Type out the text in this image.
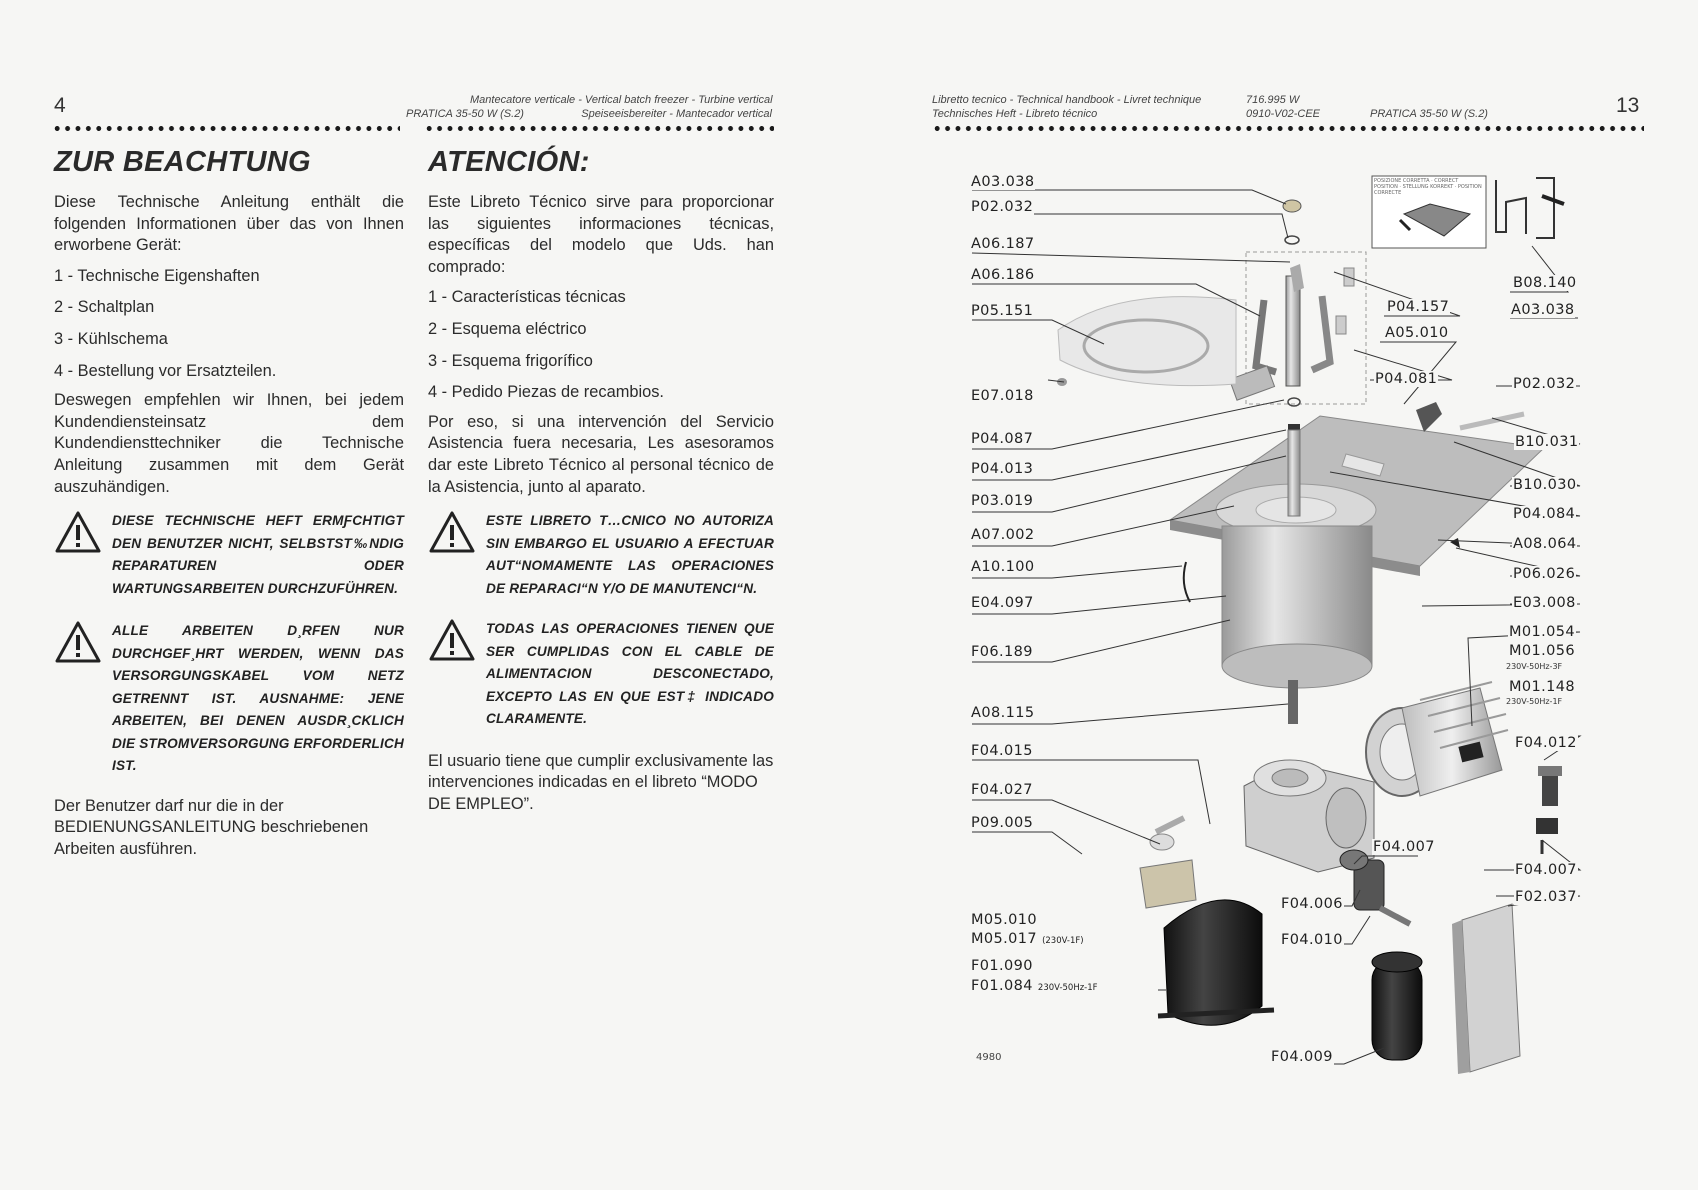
4	Mantecatore verticale - Vertical batch freezer - Turbine vertical
PRATICA 35-50 W (S.2)	Speiseeisbereiter - Mantecador vertical
ZUR BEACHTUNG

Diese Technische Anleitung enthält die folgenden Informationen über das von Ihnen erworbene Gerät:

1 - Technische Eigenshaften

2 - Schaltplan

3 - Kühlschema

4 - Bestellung vor Ersatzteilen.

Deswegen empfehlen wir Ihnen, bei jedem Kundendiensteinsatz dem Kundendiensttechniker die Technische Anleitung zusammen mit dem Gerät auszuhändigen.

DIESE TECHNISCHE HEFT ERMƑCHTIGT DEN BENUTZER NICHT, SELBSTST‰NDIG REPARATUREN ODER WARTUNGSARBEITEN DURCHZUFÜHREN.
ALLE ARBEITEN D¸RFEN NUR DURCHGEF¸HRT WERDEN, WENN DAS VERSORGUNGSKABEL VOM NETZ GETRENNT IST. AUSNAHME: JENE ARBEITEN, BEI DENEN AUSDR¸CKLICH DIE STROMVERSORGUNG ERFORDERLICH IST.

Der Benutzer darf nur die in der BEDIENUNGSANLEITUNG beschriebenen Arbeiten ausführen.

ATENCIÓN:

Este Libreto Técnico sirve para proporcionar las siguientes informaciones técnicas, específicas del modelo que Uds. han comprado:

1 - Características técnicas

2 - Esquema eléctrico

3 - Esquema frigorífico

4 - Pedido Piezas de recambios.

Por eso, si una intervención del Servicio Asistencia fuera necesaria, Les asesoramos dar este Libreto Técnico al personal técnico de la Asistencia, junto al aparato.

ESTE LIBRETO T…CNICO NO AUTORIZA SIN EMBARGO EL USUARIO A EFECTUAR AUT“NOMAMENTE LAS OPERACIONES DE REPARACI“N Y/O DE MANUTENCI“N.
TODAS LAS OPERACIONES TIENEN QUE SER CUMPLIDAS CON EL CABLE DE ALIMENTACION DESCONECTADO, EXCEPTO LAS EN QUE EST‡ INDICADO CLARAMENTE.

El usuario tiene que cumplir exclusivamente las intervenciones indicadas en el libreto “MODO DE EMPLEO”.

Libretto tecnico - Technical handbook - Livret technique
Technisches Heft - Libreto técnico
716.995 W
0910-V02-CEE	PRATICA 35-50 W (S.2)	13
A03.038
P02.032
A06.187
A06.186
P05.151
E07.018
P04.087
P04.013
P03.019
A07.002
A10.100
E04.097
F06.189
A08.115
F04.015
F04.027
P09.005
M05.010
M05.017 (230V-1F)
F01.090
F01.084 230V-50Hz-1F
B08.140
A03.038
P04.157
A05.010
P04.081	P02.032
B10.031
B10.030
P04.084
A08.064
P06.026
E03.008
M01.054
M01.056
230V-50Hz-3F
M01.148
230V-50Hz-1F
F04.012
F04.007
F04.007
F02.037
F04.006
F04.010
F04.009
POSIZIONE CORRETTA · CORRECT POSITION · STELLUNG KORREKT · POSITION CORRECTE
4980
